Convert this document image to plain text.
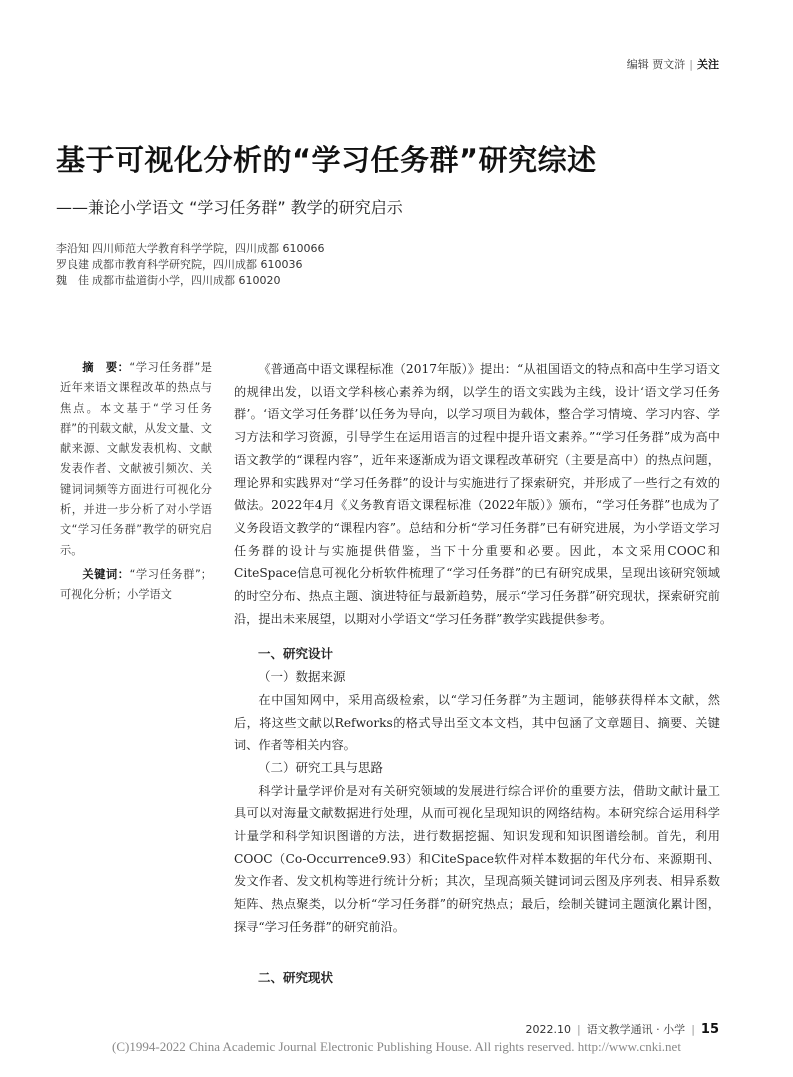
编辑 贾文浒 | 关注
基于可视化分析的“学习任务群”研究综述
——兼论小学语文 “学习任务群” 教学的研究启示
李沿知 四川师范大学教育科学学院，四川成都 610066
罗良建 成都市教育科学研究院，四川成都 610036
魏　佳 成都市盐道街小学，四川成都 610020

摘　要：“学习任务群”是近年来语文课程改革的热点与焦点。本文基于“学习任务群”的刊载文献，从发文量、文献来源、文献发表机构、文献发表作者、文献被引频次、关键词词频等方面进行可视化分析，并进一步分析了对小学语文“学习任务群”教学的研究启示。

关键词：“学习任务群”；可视化分析；小学语文

《普通高中语文课程标准（2017年版）》提出：“从祖国语文的特点和高中生学习语文的规律出发，以语文学科核心素养为纲，以学生的语文实践为主线，设计‘语文学习任务群’。‘语文学习任务群’以任务为导向，以学习项目为载体，整合学习情境、学习内容、学习方法和学习资源，引导学生在运用语言的过程中提升语文素养。”“学习任务群”成为高中语文教学的“课程内容”，近年来逐渐成为语文课程改革研究（主要是高中）的热点问题，理论界和实践界对“学习任务群”的设计与实施进行了探索研究，并形成了一些行之有效的做法。2022年4月《义务教育语文课程标准（2022年版）》颁布，“学习任务群”也成为了义务段语文教学的“课程内容”。总结和分析“学习任务群”已有研究进展，为小学语文学习任务群的设计与实施提供借鉴，当下十分重要和必要。因此，本文采用COOC和CiteSpace信息可视化分析软件梳理了“学习任务群”的已有研究成果，呈现出该研究领域的时空分布、热点主题、演进特征与最新趋势，展示“学习任务群”研究现状，探索研究前沿，提出未来展望，以期对小学语文“学习任务群”教学实践提供参考。

一、研究设计
（一）数据来源

在中国知网中，采用高级检索，以“学习任务群”为主题词，能够获得样本文献，然后，将这些文献以Refworks的格式导出至文本文档，其中包涵了文章题目、摘要、关键词、作者等相关内容。

（二）研究工具与思路

科学计量学评价是对有关研究领域的发展进行综合评价的重要方法，借助文献计量工具可以对海量文献数据进行处理，从而可视化呈现知识的网络结构。本研究综合运用科学计量学和科学知识图谱的方法，进行数据挖掘、知识发现和知识图谱绘制。首先，利用COOC（Co-Occurrence9.93）和CiteSpace软件对样本数据的年代分布、来源期刊、发文作者、发文机构等进行统计分析；其次，呈现高频关键词词云图及序列表、相异系数矩阵、热点聚类，以分析“学习任务群”的研究热点；最后，绘制关键词主题演化累计图，探寻“学习任务群”的研究前沿。

二、研究现状
2022.10 | 语文教学通讯 · 小学 | 15
(C)1994-2022 China Academic Journal Electronic Publishing House. All rights reserved. http://www.cnki.net
